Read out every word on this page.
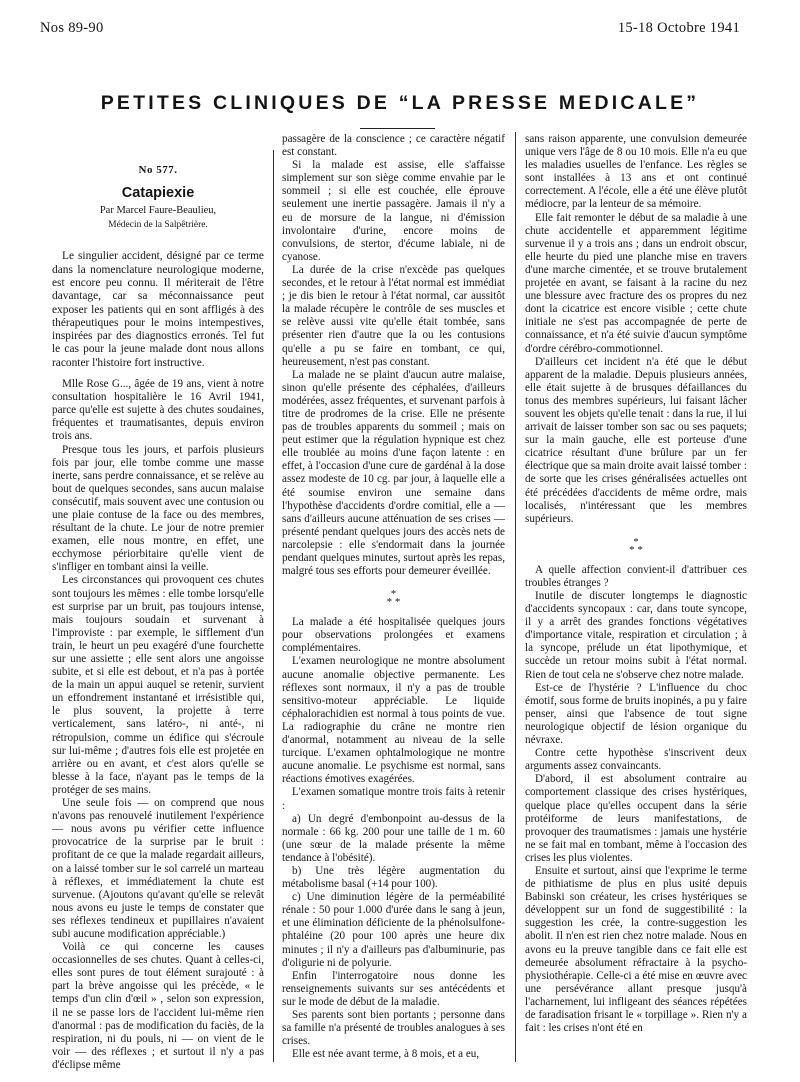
Nos 89-90	15-18 Octobre 1941
PETITES CLINIQUES DE “LA PRESSE MEDICALE”
No 577.
Catapiexie
Par Marcel Faure-Beaulieu,
Médecin de la Salpêtrière.

Le singulier accident, désigné par ce terme dans la nomenclature neurologique moderne, est encore peu connu. Il mériterait de l'être davantage, car sa méconnaissance peut exposer les patients qui en sont affligés à des thérapeutiques pour le moins intempestives, inspirées par des diagnostics erronés. Tel fut le cas pour la jeune malade dont nous allons raconter l'histoire fort instructive.

Mlle Rose G..., âgée de 19 ans, vient à notre consultation hospitalière le 16 Avril 1941, parce qu'elle est sujette à des chutes soudaines, fréquentes et traumatisantes, depuis environ trois ans.

Presque tous les jours, et parfois plusieurs fois par jour, elle tombe comme une masse inerte, sans perdre connaissance, et se relève au bout de quelques secondes, sans aucun malaise consécutif, mais souvent avec une contusion ou une plaie contuse de la face ou des membres, résultant de la chute. Le jour de notre premier examen, elle nous montre, en effet, une ecchymose périorbitaire qu'elle vient de s'infliger en tombant ainsi la veille.

Les circonstances qui provoquent ces chutes sont toujours les mêmes : elle tombe lorsqu'elle est surprise par un bruit, pas toujours intense, mais toujours soudain et survenant à l'improviste : par exemple, le sifflement d'un train, le heurt un peu exagéré d'une fourchette sur une assiette ; elle sent alors une angoisse subite, et si elle est debout, et n'a pas à portée de la main un appui auquel se retenir, survient un effondrement instantané et irrésistible qui, le plus souvent, la projette à terre verticalement, sans latéro-, ni anté-, ni rétropulsion, comme un édifice qui s'écroule sur lui-même ; d'autres fois elle est projetée en arrière ou en avant, et c'est alors qu'elle se blesse à la face, n'ayant pas le temps de la protéger de ses mains.

Une seule fois — on comprend que nous n'avons pas renouvelé inutilement l'expérience — nous avons pu vérifier cette influence provocatrice de la surprise par le bruit : profitant de ce que la malade regardait ailleurs, on a laissé tomber sur le sol carrelé un marteau à réflexes, et immédiatement la chute est survenue. (Ajoutons qu'avant qu'elle se relevât nous avons eu juste le temps de constater que ses réflexes tendineux et pupillaires n'avaient subi aucune modification appréciable.)

Voilà ce qui concerne les causes occasionnelles de ses chutes. Quant à celles-ci, elles sont pures de tout élément surajouté : à part la brève angoisse qui les précède, « le temps d'un clin d'œil » , selon son expression, il ne se passe lors de l'accident lui-même rien d'anormal : pas de modification du faciès, de la respiration, ni du pouls, ni — on vient de le voir — des réflexes ; et surtout il n'y a pas d'éclipse même

passagère de la conscience ; ce caractère négatif est constant.

Si la malade est assise, elle s'affaisse simplement sur son siège comme envahie par le sommeil ; si elle est couchée, elle éprouve seulement une inertie passagère. Jamais il n'y a eu de morsure de la langue, ni d'émission involontaire d'urine, encore moins de convulsions, de stertor, d'écume labiale, ni de cyanose.

La durée de la crise n'excède pas quelques secondes, et le retour à l'état normal est immédiat ; je dis bien le retour à l'état normal, car aussitôt la malade récupère le contrôle de ses muscles et se relève aussi vite qu'elle était tombée, sans présenter rien d'autre que la ou les contusions qu'elle a pu se faire en tombant, ce qui, heureusement, n'est pas constant.

La malade ne se plaint d'aucun autre malaise, sinon qu'elle présente des céphalées, d'ailleurs modérées, assez fréquentes, et survenant parfois à titre de prodromes de la crise. Elle ne présente pas de troubles apparents du sommeil ; mais on peut estimer que la régulation hypnique est chez elle troublée au moins d'une façon latente : en effet, à l'occasion d'une cure de gardénal à la dose assez modeste de 10 cg. par jour, à laquelle elle a été soumise environ une semaine dans l'hypothèse d'accidents d'ordre comitial, elle a — sans d'ailleurs aucune atténuation de ses crises — présenté pendant quelques jours des accès nets de narcolepsie : elle s'endormait dans la journée pendant quelques minutes, surtout après les repas, malgré tous ses efforts pour demeurer éveillée.

*
* *

La malade a été hospitalisée quelques jours pour observations prolongées et examens complémentaires.

L'examen neurologique ne montre absolument aucune anomalie objective permanente. Les réflexes sont normaux, il n'y a pas de trouble sensitivo-moteur appréciable. Le liquide céphalorachidien est normal à tous points de vue. La radiographie du crâne ne montre rien d'anormal, notamment au niveau de la selle turcique. L'examen ophtalmologique ne montre aucune anomalie. Le psychisme est normal, sans réactions émotives exagérées.

L'examen somatique montre trois faits à retenir :

a) Un degré d'embonpoint au-dessus de la normale : 66 kg. 200 pour une taille de 1 m. 60 (une sœur de la malade présente la même tendance à l'obésité).

b) Une très légère augmentation du métabolisme basal (+14 pour 100).

c) Une diminution légère de la perméabilité rénale : 50 pour 1.000 d'urée dans le sang à jeun, et une élimination déficiente de la phénolsulfone-phtaléine (20 pour 100 après une heure dix minutes ; il n'y a d'ailleurs pas d'albuminurie, pas d'oligurie ni de polyurie.

Enfin l'interrogatoire nous donne les renseignements suivants sur ses antécédents et sur le mode de début de la maladie.

Ses parents sont bien portants ; personne dans sa famille n'a présenté de troubles analogues à ses crises.

Elle est née avant terme, à 8 mois, et a eu,

sans raison apparente, une convulsion demeurée unique vers l'âge de 8 ou 10 mois. Elle n'a eu que les maladies usuelles de l'enfance. Les règles se sont installées à 13 ans et ont continué correctement. A l'école, elle a été une élève plutôt médiocre, par la lenteur de sa mémoire.

Elle fait remonter le début de sa maladie à une chute accidentelle et apparemment légitime survenue il y a trois ans ; dans un endroit obscur, elle heurte du pied une planche mise en travers d'une marche cimentée, et se trouve brutalement projetée en avant, se faisant à la racine du nez une blessure avec fracture des os propres du nez dont la cicatrice est encore visible ; cette chute initiale ne s'est pas accompagnée de perte de connaissance, et n'a été suivie d'aucun symptôme d'ordre cérébro-commotionnel.

D'ailleurs cet incident n'a été que le début apparent de la maladie. Depuis plusieurs années, elle était sujette à de brusques défaillances du tonus des membres supérieurs, lui faisant lâcher souvent les objets qu'elle tenait : dans la rue, il lui arrivait de laisser tomber son sac ou ses paquets; sur la main gauche, elle est porteuse d'une cicatrice résultant d'une brûlure par un fer électrique que sa main droite avait laissé tomber : de sorte que les crises généralisées actuelles ont été précédées d'accidents de même ordre, mais localisés, n'intéressant que les membres supérieurs.

*
* *

A quelle affection convient-il d'attribuer ces troubles étranges ?

Inutile de discuter longtemps le diagnostic d'accidents syncopaux : car, dans toute syncope, il y a arrêt des grandes fonctions végétatives d'importance vitale, respiration et circulation ; à la syncope, prélude un état lipothymique, et succède un retour moins subit à l'état normal. Rien de tout cela ne s'observe chez notre malade.

Est-ce de l'hystérie ? L'influence du choc émotif, sous forme de bruits inopinés, a pu y faire penser, ainsi que l'absence de tout signe neurologique objectif de lésion organique du névraxe.

Contre cette hypothèse s'inscrivent deux arguments assez convaincants.

D'abord, il est absolument contraire au comportement classique des crises hystériques, quelque place qu'elles occupent dans la série protéiforme de leurs manifestations, de provoquer des traumatismes : jamais une hystérie ne se fait mal en tombant, même à l'occasion des crises les plus violentes.

Ensuite et surtout, ainsi que l'exprime le terme de pithiatisme de plus en plus usité depuis Babinski son créateur, les crises hystériques se développent sur un fond de suggestibilité : la suggestion les crée, la contre-suggestion les abolit. Il n'en est rien chez notre malade. Nous en avons eu la preuve tangible dans ce fait elle est demeurée absolument réfractaire à la psycho-physiothérapie. Celle-ci a été mise en œuvre avec une persévérance allant presque jusqu'à l'acharnement, lui infligeant des séances répétées de faradisation frisant le « torpillage ». Rien n'y a fait : les crises n'ont été en
